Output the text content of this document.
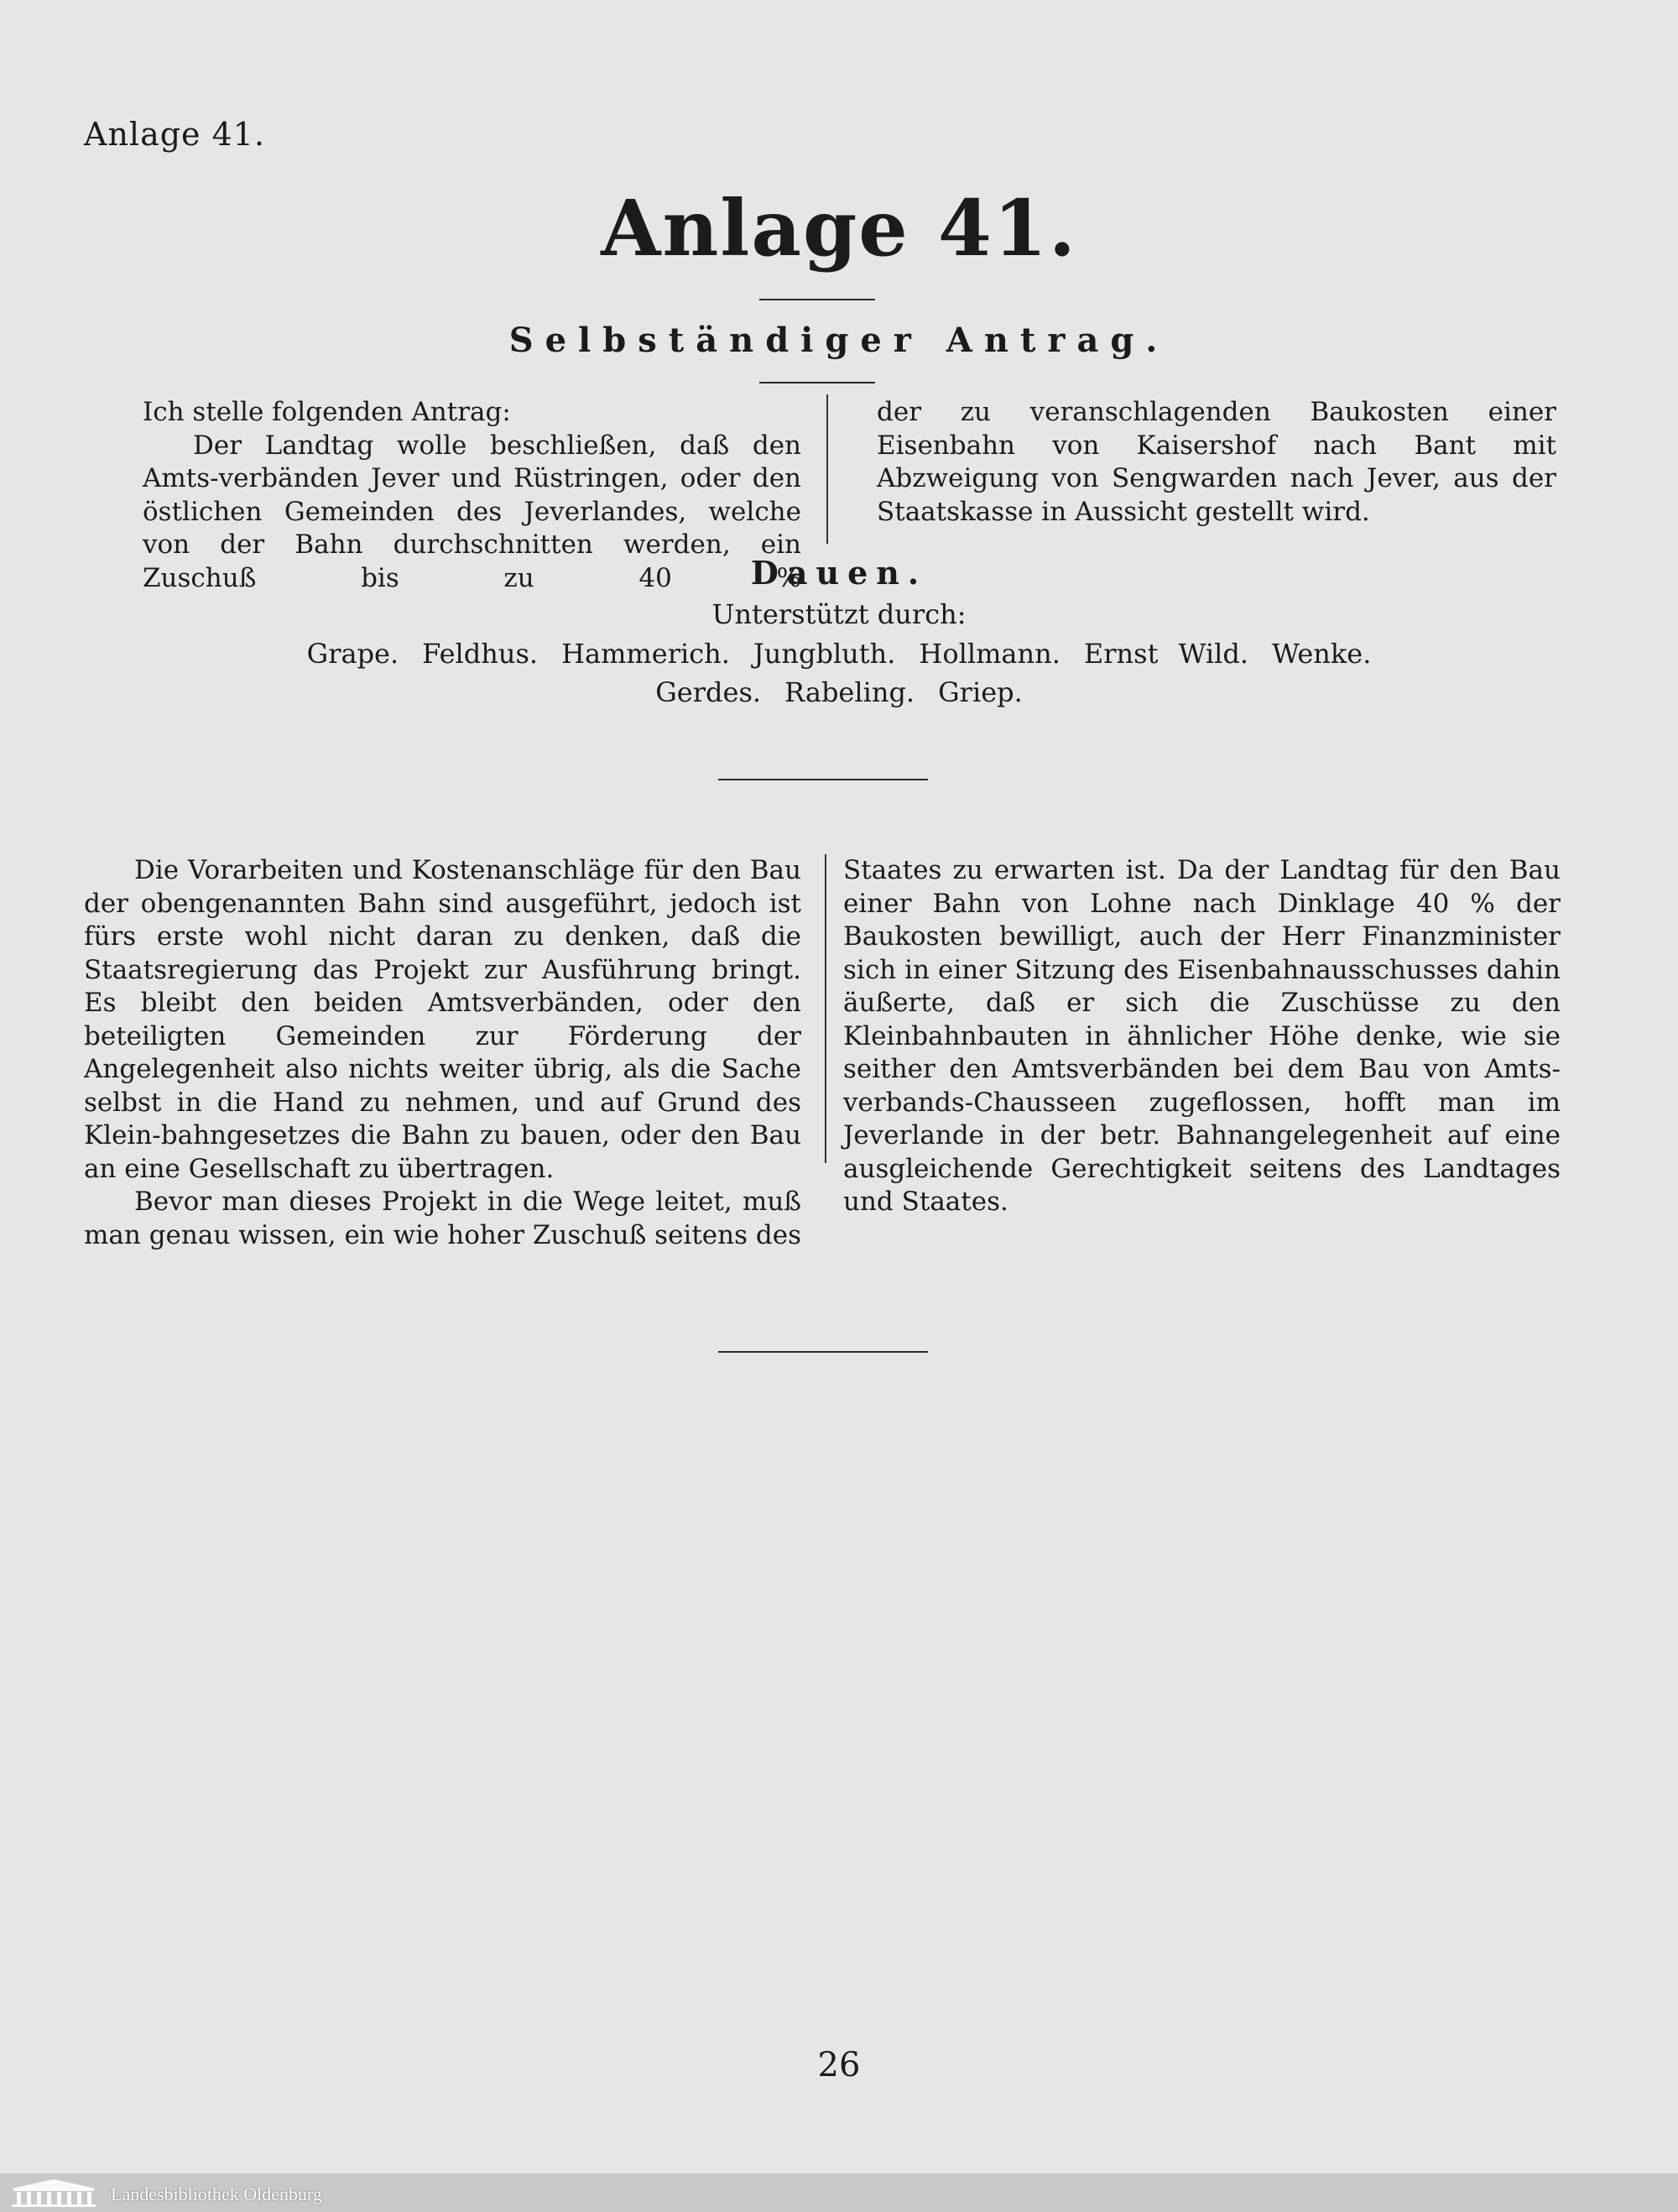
Anlage 41.
Anlage 41.
Selbständiger Antrag.

Ich stelle folgenden Antrag:

Der Landtag wolle beschließen, daß den Amts-verbänden Jever und Rüstringen, oder den östlichen Gemeinden des Jeverlandes, welche von der Bahn durchschnitten werden, ein Zuschuß bis zu 40 %

der zu veranschlagenden Baukosten einer Eisenbahn von Kaisershof nach Bant mit Abzweigung von Sengwarden nach Jever, aus der Staatskasse in Aussicht gestellt wird.

Dauen.
Unterstützt durch:
Grape. Feldhus. Hammerich. Jungbluth. Hollmann. Ernst Wild. Wenke.
Gerdes. Rabeling. Griep.

Die Vorarbeiten und Kostenanschläge für den Bau der obengenannten Bahn sind ausgeführt, jedoch ist fürs erste wohl nicht daran zu denken, daß die Staatsregierung das Projekt zur Ausführung bringt. Es bleibt den beiden Amtsverbänden, oder den beteiligten Gemeinden zur Förderung der Angelegenheit also nichts weiter übrig, als die Sache selbst in die Hand zu nehmen, und auf Grund des Klein-bahngesetzes die Bahn zu bauen, oder den Bau an eine Gesellschaft zu übertragen.

Bevor man dieses Projekt in die Wege leitet, muß man genau wissen, ein wie hoher Zuschuß seitens des

Staates zu erwarten ist. Da der Landtag für den Bau einer Bahn von Lohne nach Dinklage 40 % der Baukosten bewilligt, auch der Herr Finanzminister sich in einer Sitzung des Eisenbahnausschusses dahin äußerte, daß er sich die Zuschüsse zu den Kleinbahnbauten in ähnlicher Höhe denke, wie sie seither den Amtsverbänden bei dem Bau von Amts-verbands-Chausseen zugeflossen, hofft man im Jeverlande in der betr. Bahnangelegenheit auf eine ausgleichende Gerechtigkeit seitens des Landtages und Staates.

26
Landesbibliothek Oldenburg
